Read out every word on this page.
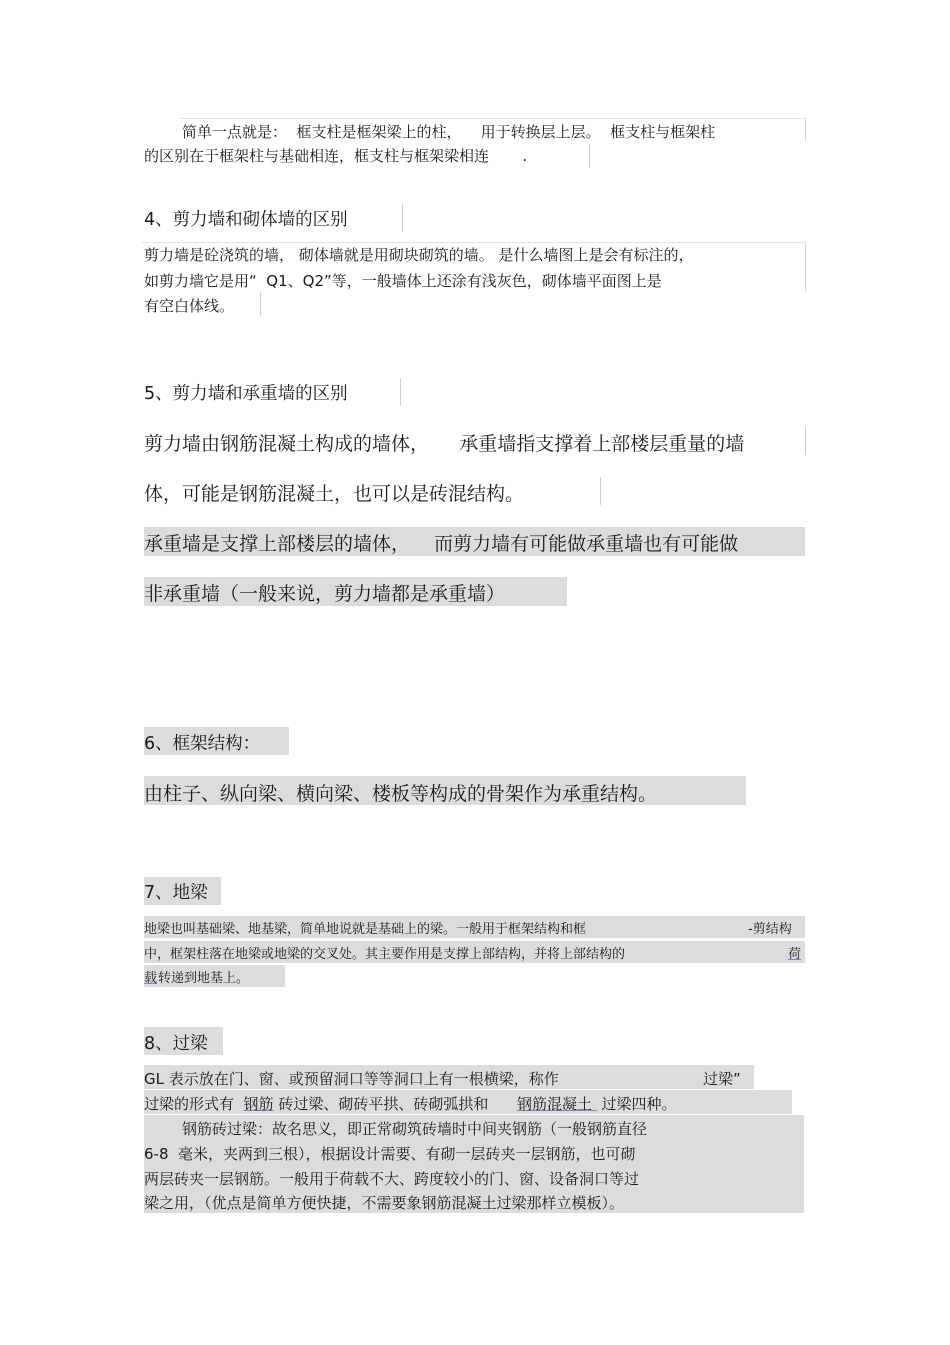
简单一点就是：  框支柱是框架梁上的柱，    用于转换层上层。  框支柱与框架柱
的区别在于框架柱与基础相连，框支柱与框架梁相连       .
4、剪力墙和砌体墙的区别
剪力墙是砼浇筑的墙， 砌体墙就是用砌块砌筑的墙。 是什么墙图上是会有标注的，
如剪力墙它是用“  Q1、Q2”等，一般墙体上还涂有浅灰色，砌体墙平面图上是
有空白体线。
5、剪力墙和承重墙的区别
剪力墙由钢筋混凝土构成的墙体，     承重墙指支撑着上部楼层重量的墙
体，可能是钢筋混凝土，也可以是砖混结构。
承重墙是支撑上部楼层的墙体，    而剪力墙有可能做承重墙也有可能做
非承重墙（一般来说，剪力墙都是承重墙）
6、框架结构：
由柱子、纵向梁、横向梁、楼板等构成的骨架作为承重结构。
7、地梁
地梁也叫基础梁、地基梁，简单地说就是基础上的梁。一般用于框架结构和框	-剪结构
中，框架柱落在地梁或地梁的交叉处。其主要作用是支撑上部结构，并将上部结构的	荷
载 转递到地基上。
8、过梁
GL 表示放在门、窗、或预留洞口等等洞口上有一根横梁，称作	过梁”
过梁的形式有  钢筋 砖过梁、砌砖平拱、砖砌弧拱和      钢筋混凝土  过梁四种。
钢筋砖过梁：故名思义，即正常砌筑砖墙时中间夹钢筋（一般钢筋直径
6-8  毫米，夹两到三根），根据设计需要、有砌一层砖夹一层钢筋，也可砌
两层砖夹一层钢筋。一般用于荷载不大、跨度较小的门、窗、设备洞口等过
梁之用，（优点是简单方便快捷，不需要象钢筋混凝土过梁那样立模板）。
